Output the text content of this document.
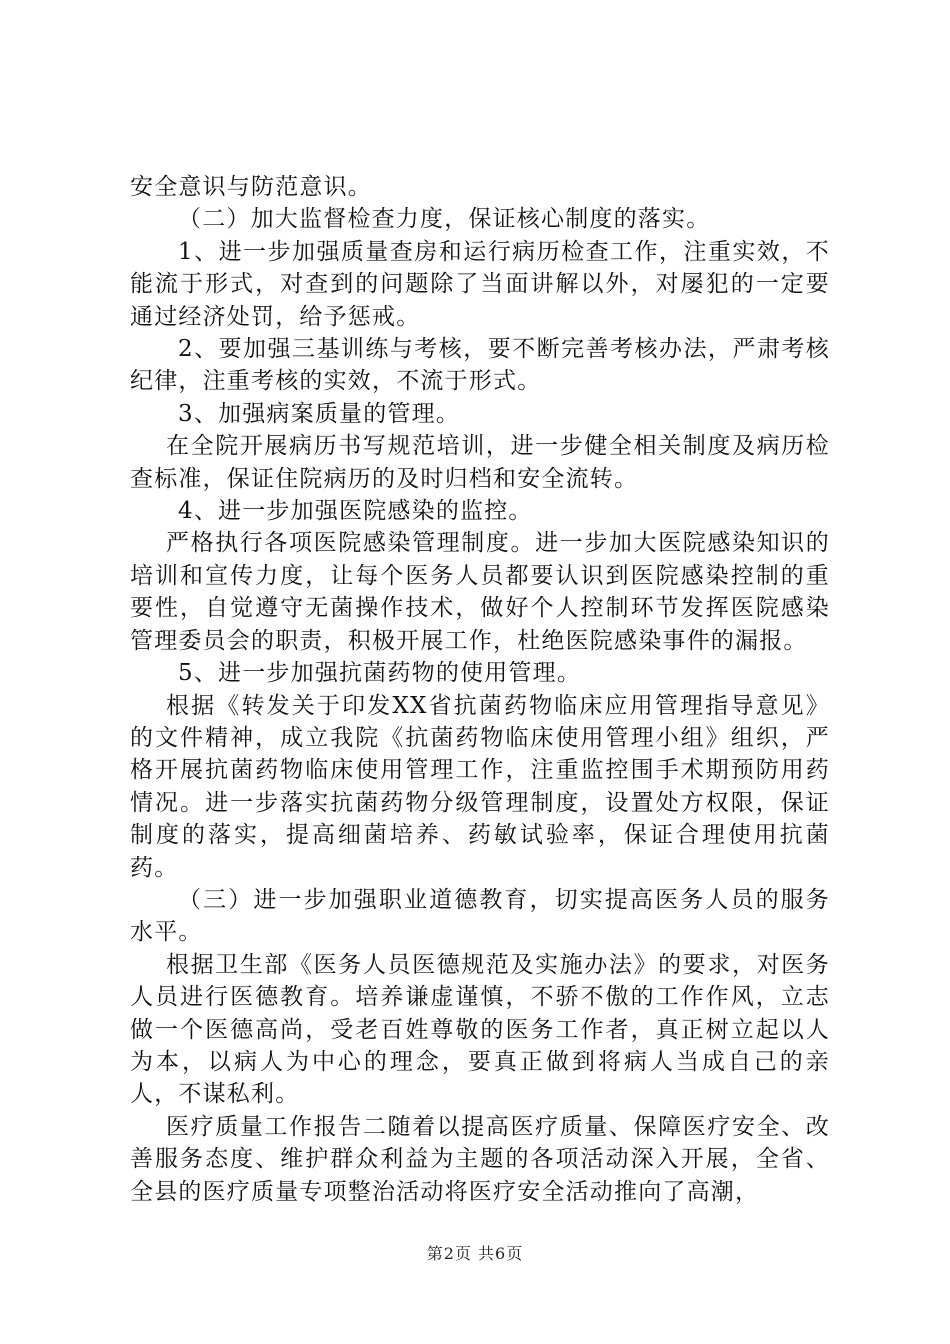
安全意识与防范意识。

（二）加大监督检查力度，保证核心制度的落实。

1、进一步加强质量查房和运行病历检查工作，注重实效，不能流于形式，对查到的问题除了当面讲解以外，对屡犯的一定要通过经济处罚，给予惩戒。

2、要加强三基训练与考核，要不断完善考核办法，严肃考核纪律，注重考核的实效，不流于形式。

3、加强病案质量的管理。

在全院开展病历书写规范培训，进一步健全相关制度及病历检查标准，保证住院病历的及时归档和安全流转。

4、进一步加强医院感染的监控。

严格执行各项医院感染管理制度。进一步加大医院感染知识的培训和宣传力度，让每个医务人员都要认识到医院感染控制的重要性，自觉遵守无菌操作技术，做好个人控制环节发挥医院感染管理委员会的职责，积极开展工作，杜绝医院感染事件的漏报。

5、进一步加强抗菌药物的使用管理。

根据《转发关于印发XX省抗菌药物临床应用管理指导意见》的文件精神，成立我院《抗菌药物临床使用管理小组》组织，严格开展抗菌药物临床使用管理工作，注重监控围手术期预防用药情况。进一步落实抗菌药物分级管理制度，设置处方权限，保证制度的落实，提高细菌培养、药敏试验率，保证合理使用抗菌药。

（三）进一步加强职业道德教育，切实提高医务人员的服务水平。

根据卫生部《医务人员医德规范及实施办法》的要求，对医务人员进行医德教育。培养谦虚谨慎，不骄不傲的工作作风，立志做一个医德高尚，受老百姓尊敬的医务工作者，真正树立起以人为本，以病人为中心的理念，要真正做到将病人当成自己的亲人，不谋私利。

医疗质量工作报告二随着以提高医疗质量、保障医疗安全、改善服务态度、维护群众利益为主题的各项活动深入开展，全省、全县的医疗质量专项整治活动将医疗安全活动推向了高潮，

第2页 共6页
